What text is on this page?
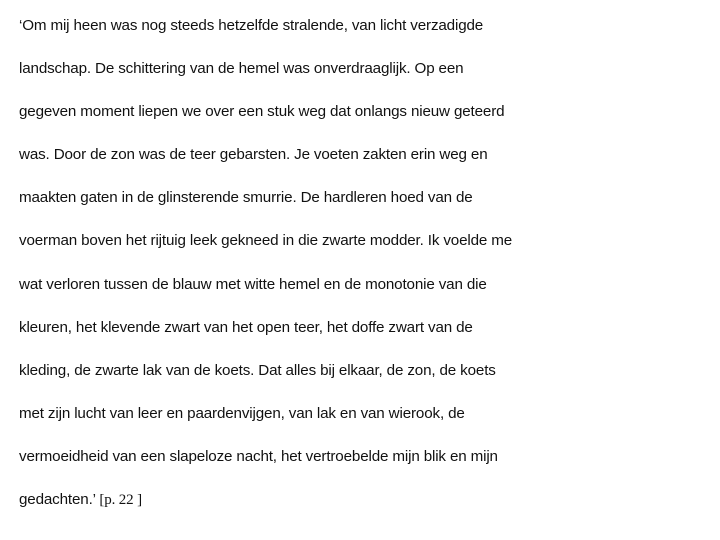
‘Om mij heen was nog steeds hetzelfde stralende, van licht verzadigde
landschap. De schittering van de hemel was onverdraaglijk. Op een
gegeven moment liepen we over een stuk weg dat onlangs nieuw geteerd
was. Door de zon was de teer gebarsten. Je voeten zakten erin weg en
maakten gaten in de glinsterende smurrie. De hardleren hoed van de
voerman boven het rijtuig leek gekneed in die zwarte modder. Ik voelde me
wat verloren tussen de blauw met witte hemel en de monotonie van die
kleuren, het klevende zwart van het open teer, het doffe zwart van de
kleding, de zwarte lak van de koets. Dat alles bij elkaar, de zon, de koets
met zijn lucht van leer en paardenvijgen, van lak en van wierook, de
vermoeidheid van een slapeloze nacht, het vertroebelde mijn blik en mijn
gedachten.’ [p. 22 ]
